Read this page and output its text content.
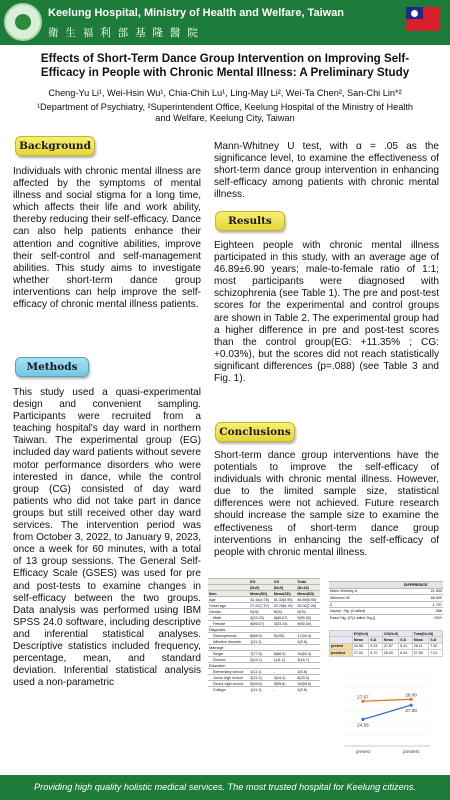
Keelung Hospital, Ministry of Health and Welfare, Taiwan
衛 生 福 利 部 基 隆 醫 院
Effects of Short-Term Dance Group Intervention on Improving Self-
Efficacy in People with Chronic Mental Illness: A Preliminary Study
Cheng-Yu Li¹, Wei-Hsin Wu¹, Chia-Chih Lu¹, Ling-May Li², Wei-Ta Chen², San-Chi Lin*²
¹Department of Psychiatry, ²Superintendent Office, Keelung Hospital of the Ministry of Health
and Welfare, Keelung City, Taiwan
Background
Individuals with chronic mental illness are affected by the symptoms of mental illness and social stigma for a long time, which affects their life and work ability, thereby reducing their self-efficacy. Dance can also help patients enhance their attention and cognitive abilities, improve their self-control and self-management abilities. This study aims to investigate whether short-term dance group interventions can help improve the self-efficacy of chronic mental illness patients.
Methods
This study used a quasi-experimental design and convenient sampling. Participants were recruited from a teaching hospital's day ward in northern Taiwan. The experimental group (EG) included day ward patients without severe motor performance disorders who were interested in dance, while the control group (CG) consisted of day ward patients who did not take part in dance groups but still received other day ward services. The intervention period was from October 3, 2022, to January 9, 2023, once a week for 60 minutes, with a total of 13 group sessions. The General Self-Efficacy Scale (GSES) was used for pre and post-tests to examine changes in self-efficacy between the two groups. Data analysis was performed using IBM SPSS 24.0 software, including descriptive and inferential statistical analyses. Descriptive statistics included frequency, percentage, mean, and standard deviation. Inferential statistical analysis used a non-parametric
Mann-Whitney U test, with α = .05 as the significance level, to examine the effectiveness of short-term dance group intervention in enhancing self-efficacy among patients with chronic mental illness.
Results
Eighteen people with chronic mental illness participated in this study, with an average age of 46.89±6.90 years; male-to-female ratio of 1:1; most participants were diagnosed with schizophrenia (see Table 1). The pre and post-test scores for the experimental and control groups are shown in Table 2. The experimental group had a higher difference in pre and post-test scores than the control group(EG: +11.35% ; CG: +0.03%), but the scores did not reach statistically significant differences (p=.088) (see Table 3 and Fig. 1).
Conclusions
Short-term dance group interventions have the potentials to improve the self-efficacy of individuals with chronic mental illness. However, due to the limited sample size, statistical differences were not achieved. Future research should increase the sample size to examine the effectiveness of short-term dance group interventions in enhancing the self-efficacy of people with chronic mental illness.
	EG	CG	Total
	(N=9)	(N=9)	(N=18)
Item	Mean(SD)	Mean(SD)	Mean(SD)
Age	42.44(4.75)	51.33(5.95)	46.89(6.90)
Onset age	27.22(7.97)	22.78(6.19)	25.00(7.26)
Gender	N(%)	N(%)	N(%)
Male	3(33.33)	6(66.67)	9(50.00)
Female	6(66.67)	3(33.33)	9(50.00)
Diagnosis			
Schizophrenia	8(88.9)	9(100)	17(94.4)
Affective disorder	1(11.1)	-	1(5.6)
Marriage			
Single	7(77.8)	8(88.9)	15(83.3)
Divorce	2(22.2)	1(11.1)	3(16.7)
Education			
Elementary school	1(11.1)	-	1(5.6)
Junior high school	2(22.2)	4(44.4)	6(33.3)
Senior high school	5(55.6)	5(55.6)	10(55.6)
College	1(11.1)	-	1(5.6)
	DIFFERENCE
Mann-Whitney U	21.500
Wilcoxon W	66.500
Z	-1.707
Asymp. Sig. (2-tailed)	.088
Exact Sig. [2*(1-tailed Sig.)]	.094ᵃ
	EG(N=9)		CG(N=9)		Total(N=18)	
	Mean	S.D	Mean	S.D	Mean	S.D
pretest	24.56	6.33	27.67	8.41	26.11	7.40
posttest	27.00	5.70	28.00	8.44	27.50	7.01
24.56
27.00
27.67	28.00
pretest	posttest
Providing high quality holistic medical services. The most trusted hospital for Keelung citizens.
